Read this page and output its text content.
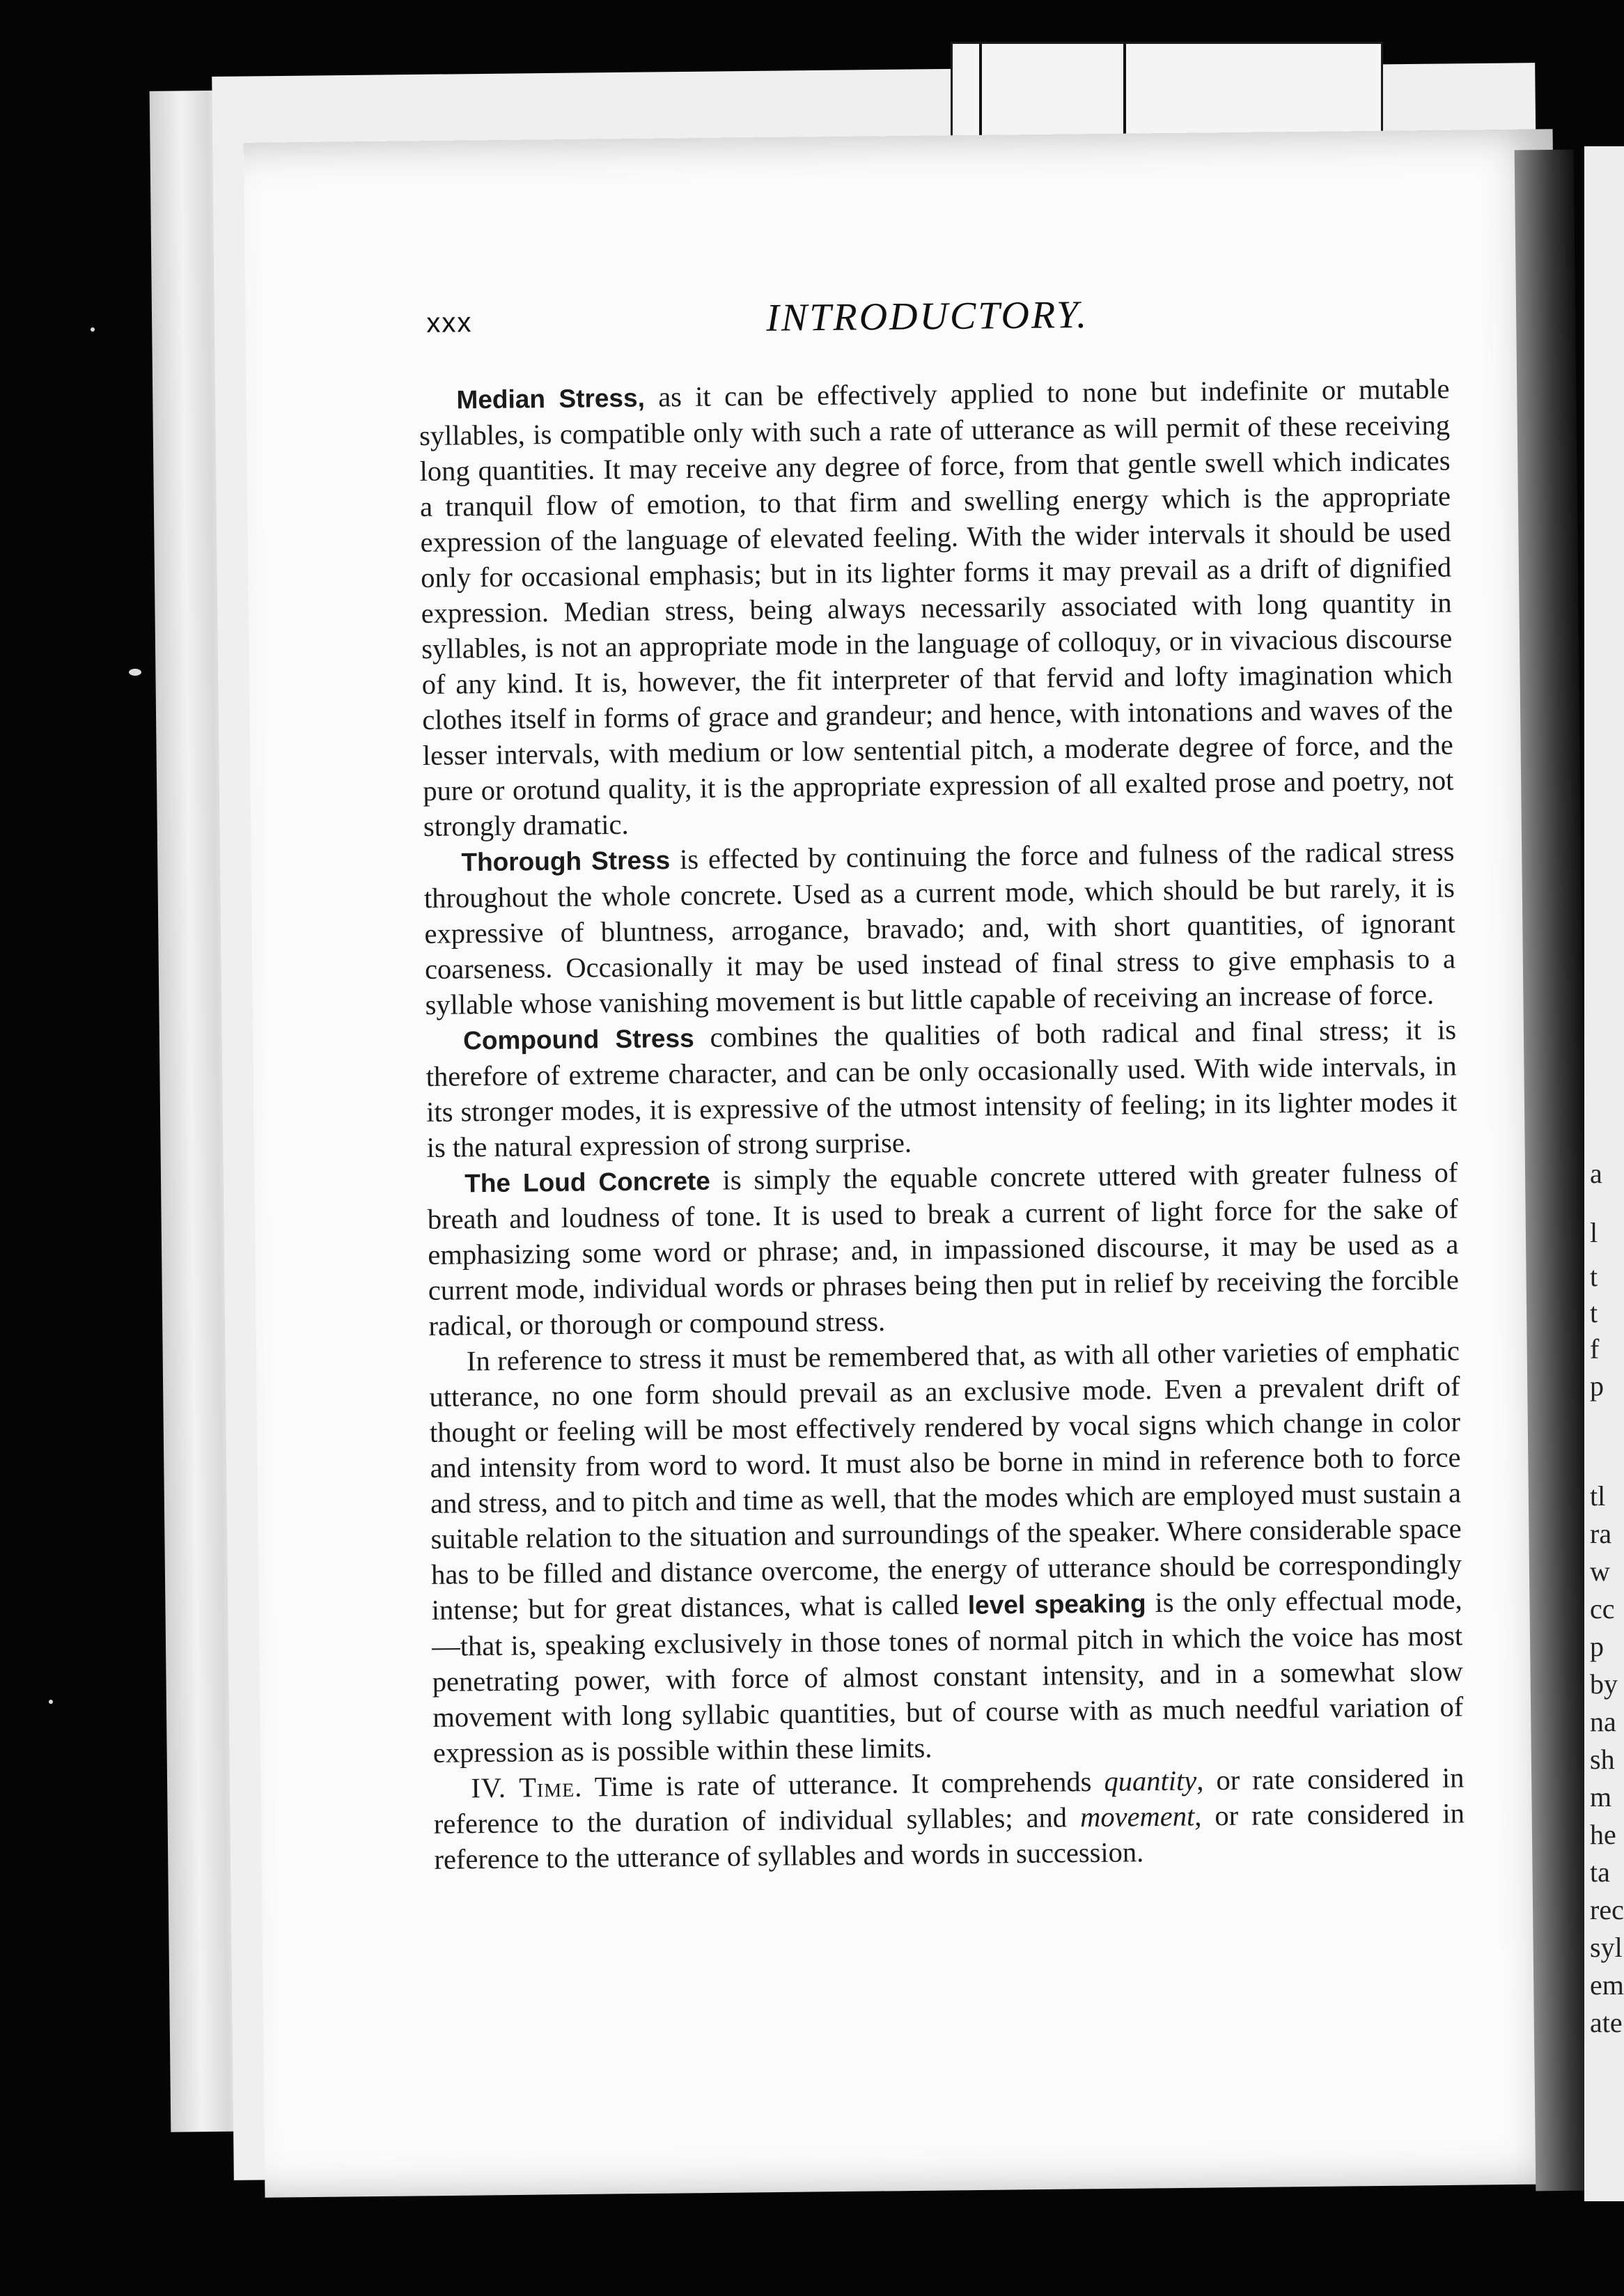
a
l
t
t
f
p
tl
ra
w
cc
p
by
na
sh
m
he
ta
rec
syl
em
ate
xxx	INTRODUCTORY.

Median Stress, as it can be effectively applied to none but indefinite or mutable syllables, is compatible only with such a rate of utterance as will permit of these receiving long quantities. It may receive any degree of force, from that gentle swell which indicates a tranquil flow of emotion, to that firm and swelling energy which is the appropriate expression of the language of elevated feeling. With the wider intervals it should be used only for occasional emphasis; but in its lighter forms it may prevail as a drift of dignified expression. Median stress, being always necessarily associated with long quantity in syllables, is not an appropriate mode in the language of colloquy, or in vivacious discourse of any kind. It is, however, the fit interpreter of that fervid and lofty imagination which clothes itself in forms of grace and grandeur; and hence, with intonations and waves of the lesser intervals, with medium or low sentential pitch, a moderate degree of force, and the pure or orotund quality, it is the appropriate expression of all exalted prose and poetry, not strongly dramatic.

Thorough Stress is effected by continuing the force and fulness of the radical stress throughout the whole concrete. Used as a current mode, which should be but rarely, it is expressive of bluntness, arrogance, bravado; and, with short quantities, of ignorant coarseness. Occasionally it may be used instead of final stress to give emphasis to a syllable whose vanishing movement is but little capable of receiving an increase of force.

Compound Stress combines the qualities of both radical and final stress; it is therefore of extreme character, and can be only occasionally used. With wide intervals, in its stronger modes, it is expressive of the utmost intensity of feeling; in its lighter modes it is the natural expression of strong surprise.

The Loud Concrete is simply the equable concrete uttered with greater fulness of breath and loudness of tone. It is used to break a current of light force for the sake of emphasizing some word or phrase; and, in impassioned discourse, it may be used as a current mode, individual words or phrases being then put in relief by receiving the forcible radical, or thorough or compound stress.

In reference to stress it must be remembered that, as with all other varieties of emphatic utterance, no one form should prevail as an exclusive mode. Even a prevalent drift of thought or feeling will be most effectively rendered by vocal signs which change in color and intensity from word to word. It must also be borne in mind in reference both to force and stress, and to pitch and time as well, that the modes which are employed must sustain a suitable relation to the situation and surroundings of the speaker. Where considerable space has to be filled and distance overcome, the energy of utterance should be correspondingly intense; but for great distances, what is called level speaking is the only effectual mode,—that is, speaking exclusively in those tones of normal pitch in which the voice has most penetrating power, with force of almost constant intensity, and in a somewhat slow movement with long syllabic quantities, but of course with as much needful variation of expression as is possible within these limits.

IV. Time. Time is rate of utterance. It comprehends quantity, or rate considered in reference to the duration of individual syllables; and movement, or rate considered in reference to the utterance of syllables and words in succession.
